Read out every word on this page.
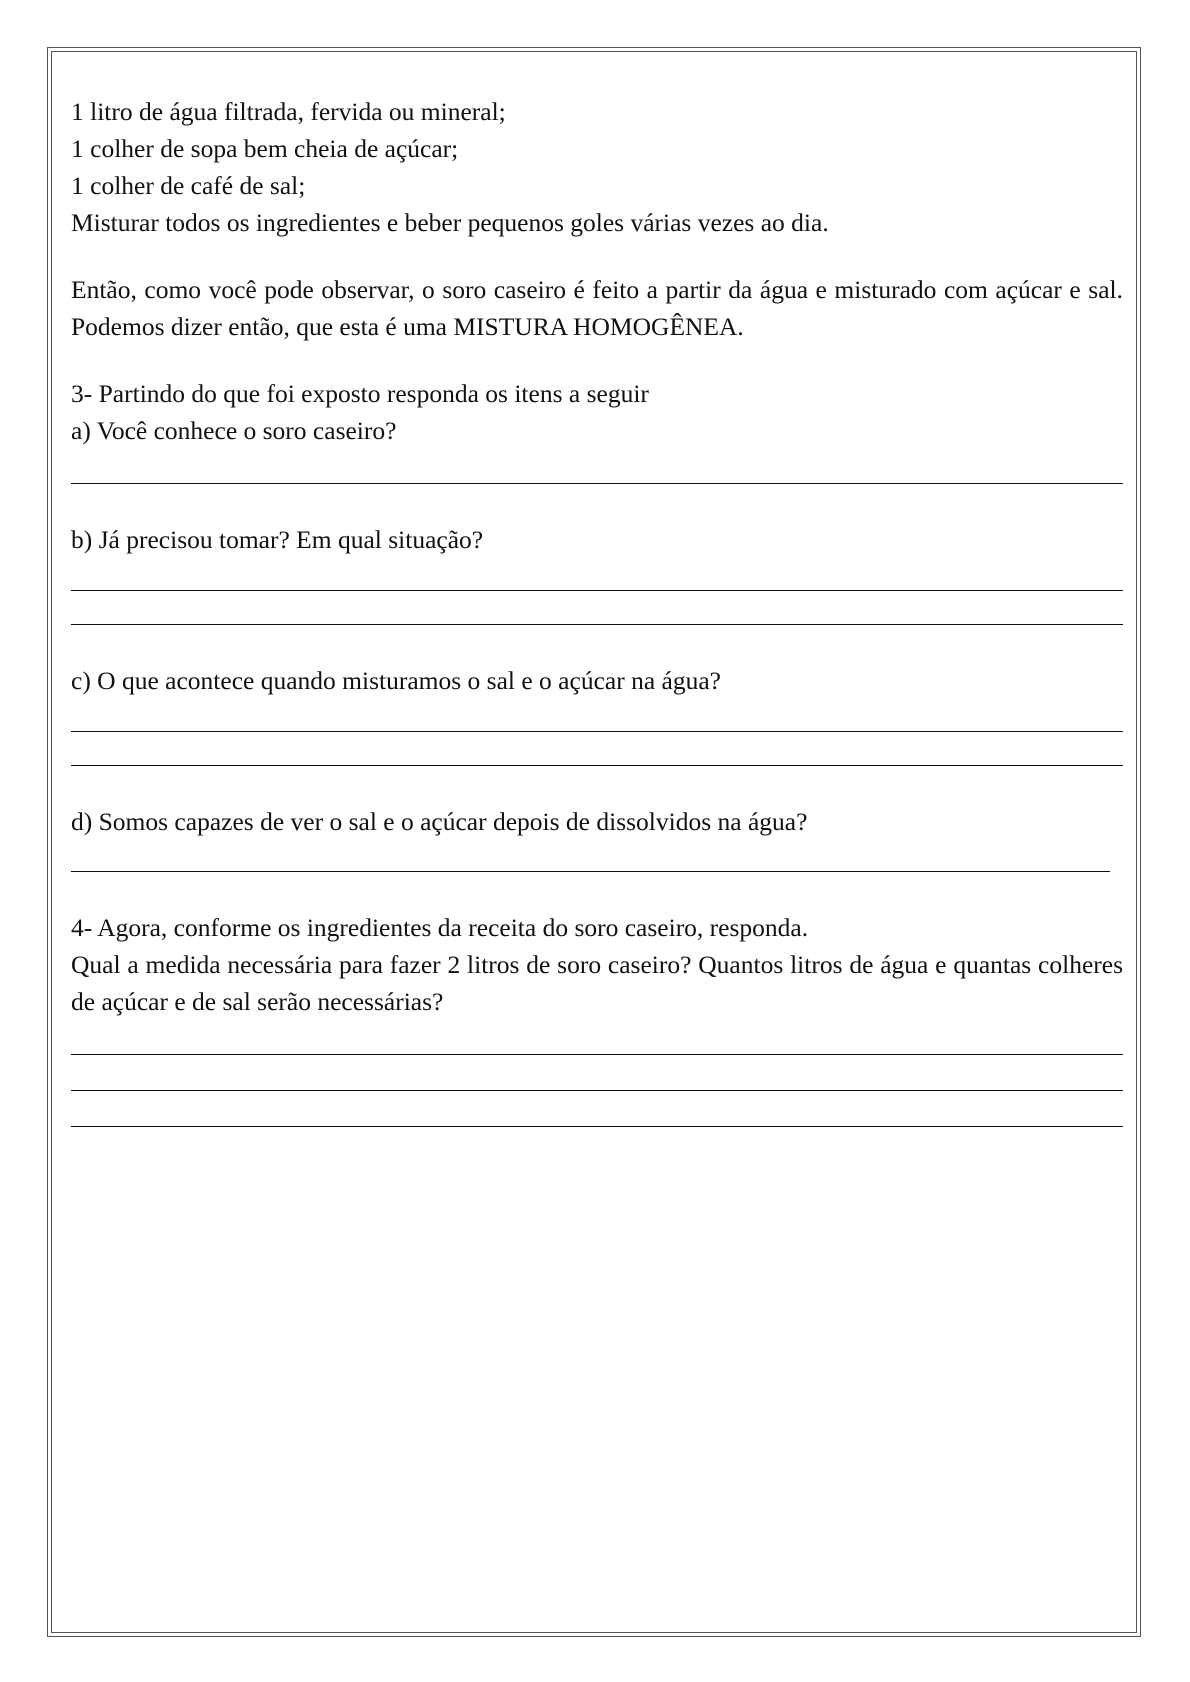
1 litro de água filtrada, fervida ou mineral;

1 colher de sopa bem cheia de açúcar;

1 colher de café de sal;

Misturar todos os ingredientes e beber pequenos goles várias vezes ao dia.

Então, como você pode observar, o soro caseiro é feito a partir da água e misturado com açúcar e sal. Podemos dizer então, que esta é uma MISTURA HOMOGÊNEA.

3- Partindo do que foi exposto responda os itens a seguir

a) Você conhece o soro caseiro?

b) Já precisou tomar? Em qual situação?

c) O que acontece quando misturamos o sal e o açúcar na água?

d) Somos capazes de ver o sal e o açúcar depois de dissolvidos na água?

4- Agora, conforme os ingredientes da receita do soro caseiro, responda.

Qual a medida necessária para fazer 2 litros de soro caseiro? Quantos litros de água e quantas colheres de açúcar e de sal serão necessárias?
